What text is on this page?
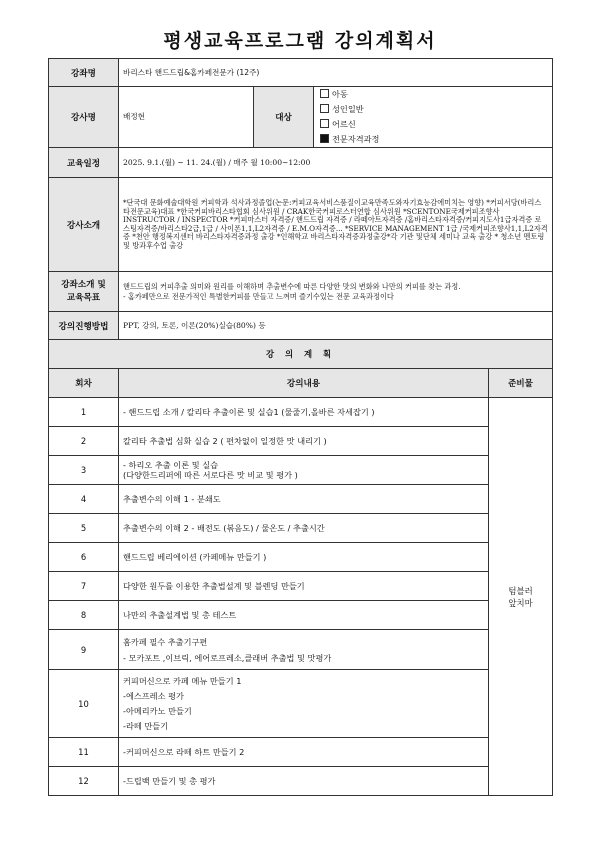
평생교육프로그램 강의계획서
강좌명	바리스타 핸드드립&홈카페전문가 (12주)			
강사명	배정현	대상	아동성인일반
어르신전문자격과정	
교육일정	2025. 9.1.(월) ~ 11. 24.(월) / 매주 월 10:00~12:00			
강사소개	*단국대 문화예술대학원 커피학과 석사과정졸업(논문:커피교육서비스품질이교육만족도와자기효능감에미치는 영향) *커피서당(바리스타전문교육)대표 *한국커피바리스타협회 심사위원 / CRAK한국커피로스터연합 심사위원 *SCENTONE국제커피조향사 INSTRUCTOR / INSPECTOR *커피마스터 자격증/ 핸드드립 자격증 / 라떼아트자격증 /홈바리스타자격증/커피지도사1급자격증 로스팅자격증/바리스타2급,1급 / 사이폰1,1,L2자격증 / E.M.O자격증... *SERVICE MANAGEMENT 1급 /국제커피조향사1,1,L2자격증 *천안 행정복지센터 바리스타자격증과정 출강 *인해학교 바리스타자격증과정출강*각 기관 및단체 세미나 교육 출강 * 청소년 멘토링 및 방과후수업 출강			

강좌소개 및
교육목표	핸드드립의 커피추출 의미와 원리를 이해하며 추출변수에 따른 다양한 맛의 변화와 나만의 커피를 찾는 과정.
- 홈카페만으로 전문가적인 특별한커피를 만들고 느껴며 즐기수있는 전문 교육과정이다			

강의진행방법	PPT, 강의, 토론, 이론(20%)실습(80%) 등			
강 의 계 획				
회차	강의내용			준비물
1	- 핸드드립 소개 / 칼리타 추출이론 및 실습1 (물줄기,올바른 자세잡기 )			텀블러
앞치마

2	칼리타 추출법 심화 실습 2 ( 편차없이 일정한 맛 내리기 )			

3	- 하리오 추출 이론 및 실습
(다양한드리퍼에 따른 서로다른 맛 비교 및 평가 )			

4	추출변수의 이해 1 - 분쇄도			

5	추출변수의 이해 2 - 배전도 (볶음도) / 물온도 / 추출시간			

6	핸드드립 베리에이션 (카페메뉴 만들기 )			

7	다양한 원두를 이용한 추출법설계 및 블렌딩 만들기			

8	나만의 추출설계법 및 총 테스트			

9	홈카페 필수 추출기구편
- 모카포트 ,이브릭, 에어로프레소,클래버 추출법 및 맛평가			

10	커피머신으로 카페 메뉴 만들기 1
-에스프레소 평가
-아메리카노 만들기
-라떼 만들기			

11	-커피머신으로 라떼 하트 만들기 2			

12	-드립백 만들기 및 총 평가			
